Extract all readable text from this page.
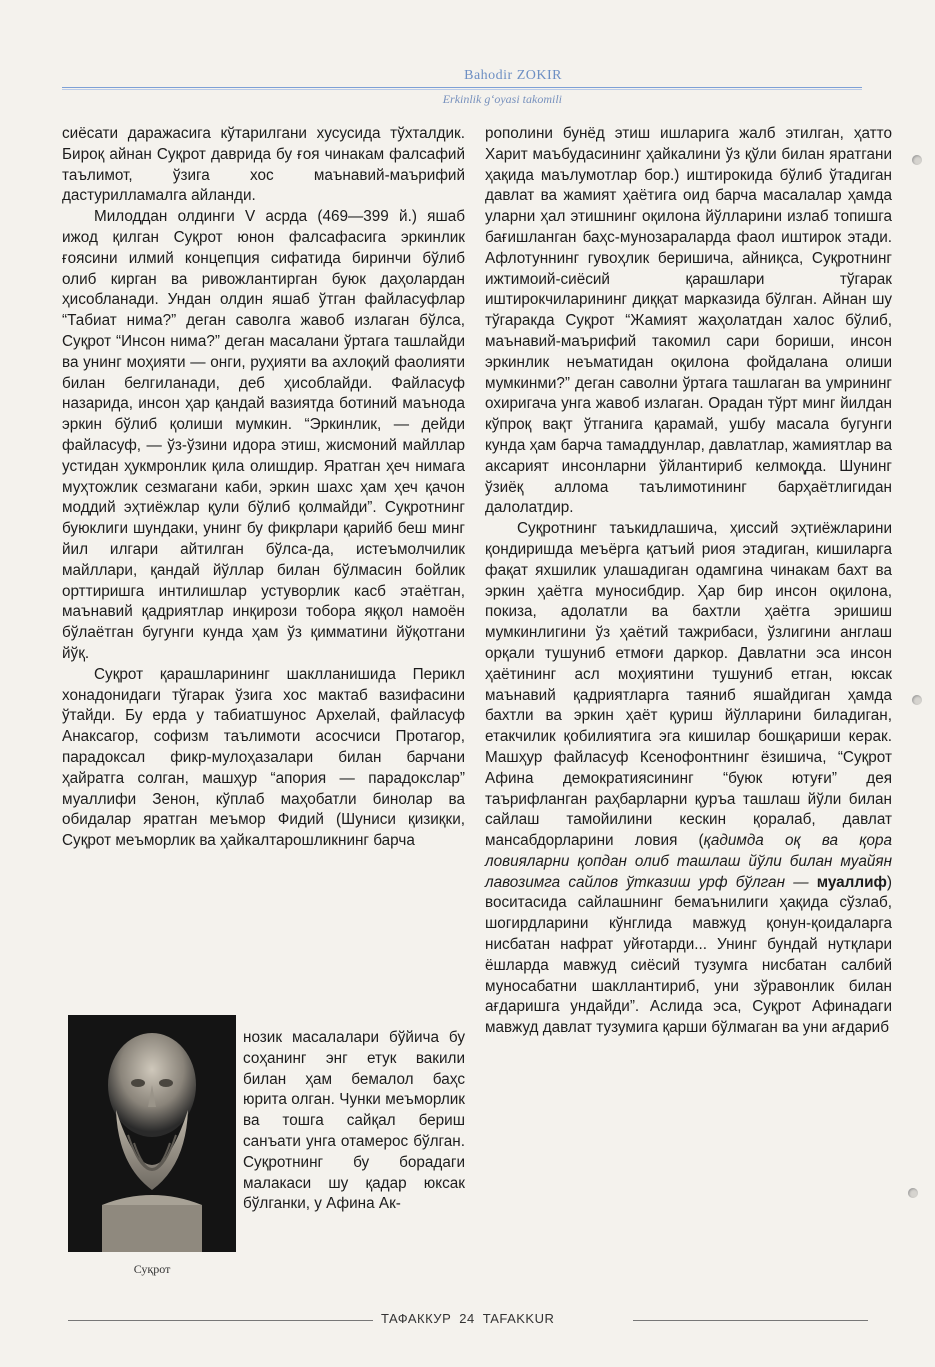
Bahodir ZOKIR
Erkinlik g‘oyasi takomili

сиёсати даражасига кўтарилгани хусусида тўхталдик. Бироқ айнан Суқрот даврида бу ғоя чинакам фалсафий таълимот, ўзига хос маънавий-маърифий дастурилламалга айланди.

Милоддан олдинги V асрда (469—399 й.) яшаб ижод қилган Суқрот юнон фалсафасига эркинлик ғоясини илмий концепция сифатида биринчи бўлиб олиб кирган ва ривожлантирган буюк даҳолардан ҳисобланади. Ундан олдин яшаб ўтган файласуфлар “Табиат нима?” деган саволга жавоб излаган бўлса, Суқрот “Инсон нима?” деган масалани ўртага ташлайди ва унинг моҳияти — онги, руҳияти ва ахлоқий фаолияти билан белгиланади, деб ҳисоблайди. Файласуф назарида, инсон ҳар қандай вазиятда ботиний маънода эркин бўлиб қолиши мумкин. “Эркинлик, — дейди файласуф, — ўз-ўзини идора этиш, жисмоний майллар устидан ҳукмронлик қила олишдир. Яратган ҳеч нимага муҳтожлик сезмагани каби, эркин шахс ҳам ҳеч қачон моддий эҳтиёжлар қули бўлиб қолмайди”. Суқротнинг буюклиги шундаки, унинг бу фикрлари қарийб беш минг йил илгари айтилган бўлса-да, истеъмолчилик майллари, қандай йўллар билан бўлмасин бойлик орттиришга интилишлар устуворлик касб этаётган, маънавий қадриятлар инқирози тобора яққол намоён бўлаётган бугунги кунда ҳам ўз қимматини йўқотгани йўқ.

Суқрот қарашларининг шаклланишида Перикл хонадонидаги тўгарак ўзига хос мактаб вазифасини ўтайди. Бу ерда у табиатшунос Архелай, файласуф Анаксагор, софизм таълимоти асосчиси Протагор, парадоксал фикр-мулоҳазалари билан барчани ҳайратга солган, машҳур “апория — парадокслар” муаллифи Зенон, кўплаб маҳобатли бинолар ва обидалар яратган меъмор Фидий (Шуниси қизиқки, Суқрот меъморлик ва ҳайкалтарошликнинг барча

Суқрот

нозик масалалари бўйича бу соҳанинг энг етук вакили билан ҳам бемалол баҳс юрита олган. Чунки меъморлик ва тошга сайқал бериш санъати унга отамерос бўлган. Суқротнинг бу борадаги малакаси шу қадар юксак бўлганки, у Афина Ак-

рополини бунёд этиш ишларига жалб этилган, ҳатто Харит маъбудасининг ҳайкалини ўз қўли билан яратгани ҳақида маълумотлар бор.) иштирокида бўлиб ўтадиган давлат ва жамият ҳаётига оид барча масалалар ҳамда уларни ҳал этишнинг оқилона йўлларини излаб топишга бағишланган баҳс-мунозараларда фаол иштирок этади. Афлотуннинг гувоҳлик беришича, айниқса, Суқротнинг ижтимоий-сиёсий қарашлари тўгарак иштирокчиларининг диққат марказида бўлган. Айнан шу тўгаракда Суқрот “Жамият жаҳолатдан халос бўлиб, маънавий-маърифий такомил сари бориши, инсон эркинлик неъматидан оқилона фойдалана олиши мумкинми?” деган саволни ўртага ташлаган ва умрининг охиригача унга жавоб излаган. Орадан тўрт минг йилдан кўпроқ вақт ўтганига қарамай, ушбу масала бугунги кунда ҳам барча тамаддунлар, давлатлар, жамиятлар ва аксарият инсонларни ўйлантириб келмоқда. Шунинг ўзиёқ аллома таълимотининг барҳаётлигидан далолатдир.

Суқротнинг таъкидлашича, ҳиссий эҳтиёжларини қондиришда меъёрга қатъий риоя этадиган, кишиларга фақат яхшилик улашадиган одамгина чинакам бахт ва эркин ҳаётга муносибдир. Ҳар бир инсон оқилона, покиза, адолатли ва бахтли ҳаётга эришиш мумкинлигини ўз ҳаётий тажрибаси, ўзлигини англаш орқали тушуниб етмоғи даркор. Давлатни эса инсон ҳаётининг асл моҳиятини тушуниб етган, юксак маънавий қадриятларга таяниб яшайдиган ҳамда бахтли ва эркин ҳаёт қуриш йўлларини биладиган, етакчилик қобилиятига эга кишилар бошқариши керак. Машҳур файласуф Ксенофонтнинг ёзишича, “Суқрот Афина демократиясининг “буюк ютуғи” дея таърифланган раҳбарларни қуръа ташлаш йўли билан сайлаш тамойилини кескин қоралаб, давлат мансабдорларини ловия (қадимда оқ ва қора ловияларни қопдан олиб ташлаш йўли билан муайян лавозимга сайлов ўтказиш урф бўлган — муаллиф) воситасида сайлашнинг бемаънилиги ҳақида сўзлаб, шогирдларини кўнглида мавжуд қонун-қоидаларга нисбатан нафрат уйғотарди... Унинг бундай нутқлари ёшларда мавжуд сиёсий тузумга нисбатан салбий муносабатни шакллантириб, уни зўравонлик билан ағдаришга ундайди”. Аслида эса, Суқрот Афинадаги мавжуд давлат тузумига қарши бўлмаган ва уни ағдариб

ТАФАККУР 24 TAFAKKUR
